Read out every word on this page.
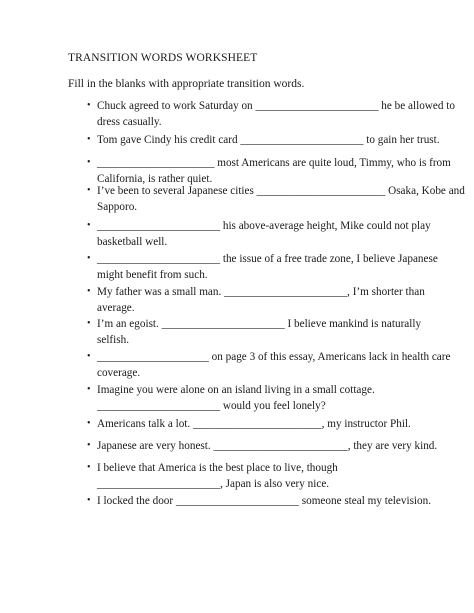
TRANSITION WORDS WORKSHEET
Fill in the blanks with appropriate transition words.
• Chuck agreed to work Saturday on ______________________ he be allowed to
dress casually.
• Tom gave Cindy his credit card ______________________ to gain her trust.
• _____________________ most Americans are quite loud, Timmy, who is from
California, is rather quiet.
• I’ve been to several Japanese cities _______________________ Osaka, Kobe and
Sapporo.
• ______________________ his above-average height, Mike could not play
basketball well.
• ______________________ the issue of a free trade zone, I believe Japanese
might benefit from such.
• My father was a small man. ______________________, I’m shorter than
average.
• I’m an egoist. ______________________ I believe mankind is naturally
selfish.
• ____________________ on page 3 of this essay, Americans lack in health care
coverage.
• Imagine you were alone on an island living in a small cottage.
______________________ would you feel lonely?
• Americans talk a lot. _______________________, my instructor Phil.
• Japanese are very honest. ________________________, they are very kind.
• I believe that America is the best place to live, though
______________________, Japan is also very nice.
• I locked the door ______________________ someone steal my television.
